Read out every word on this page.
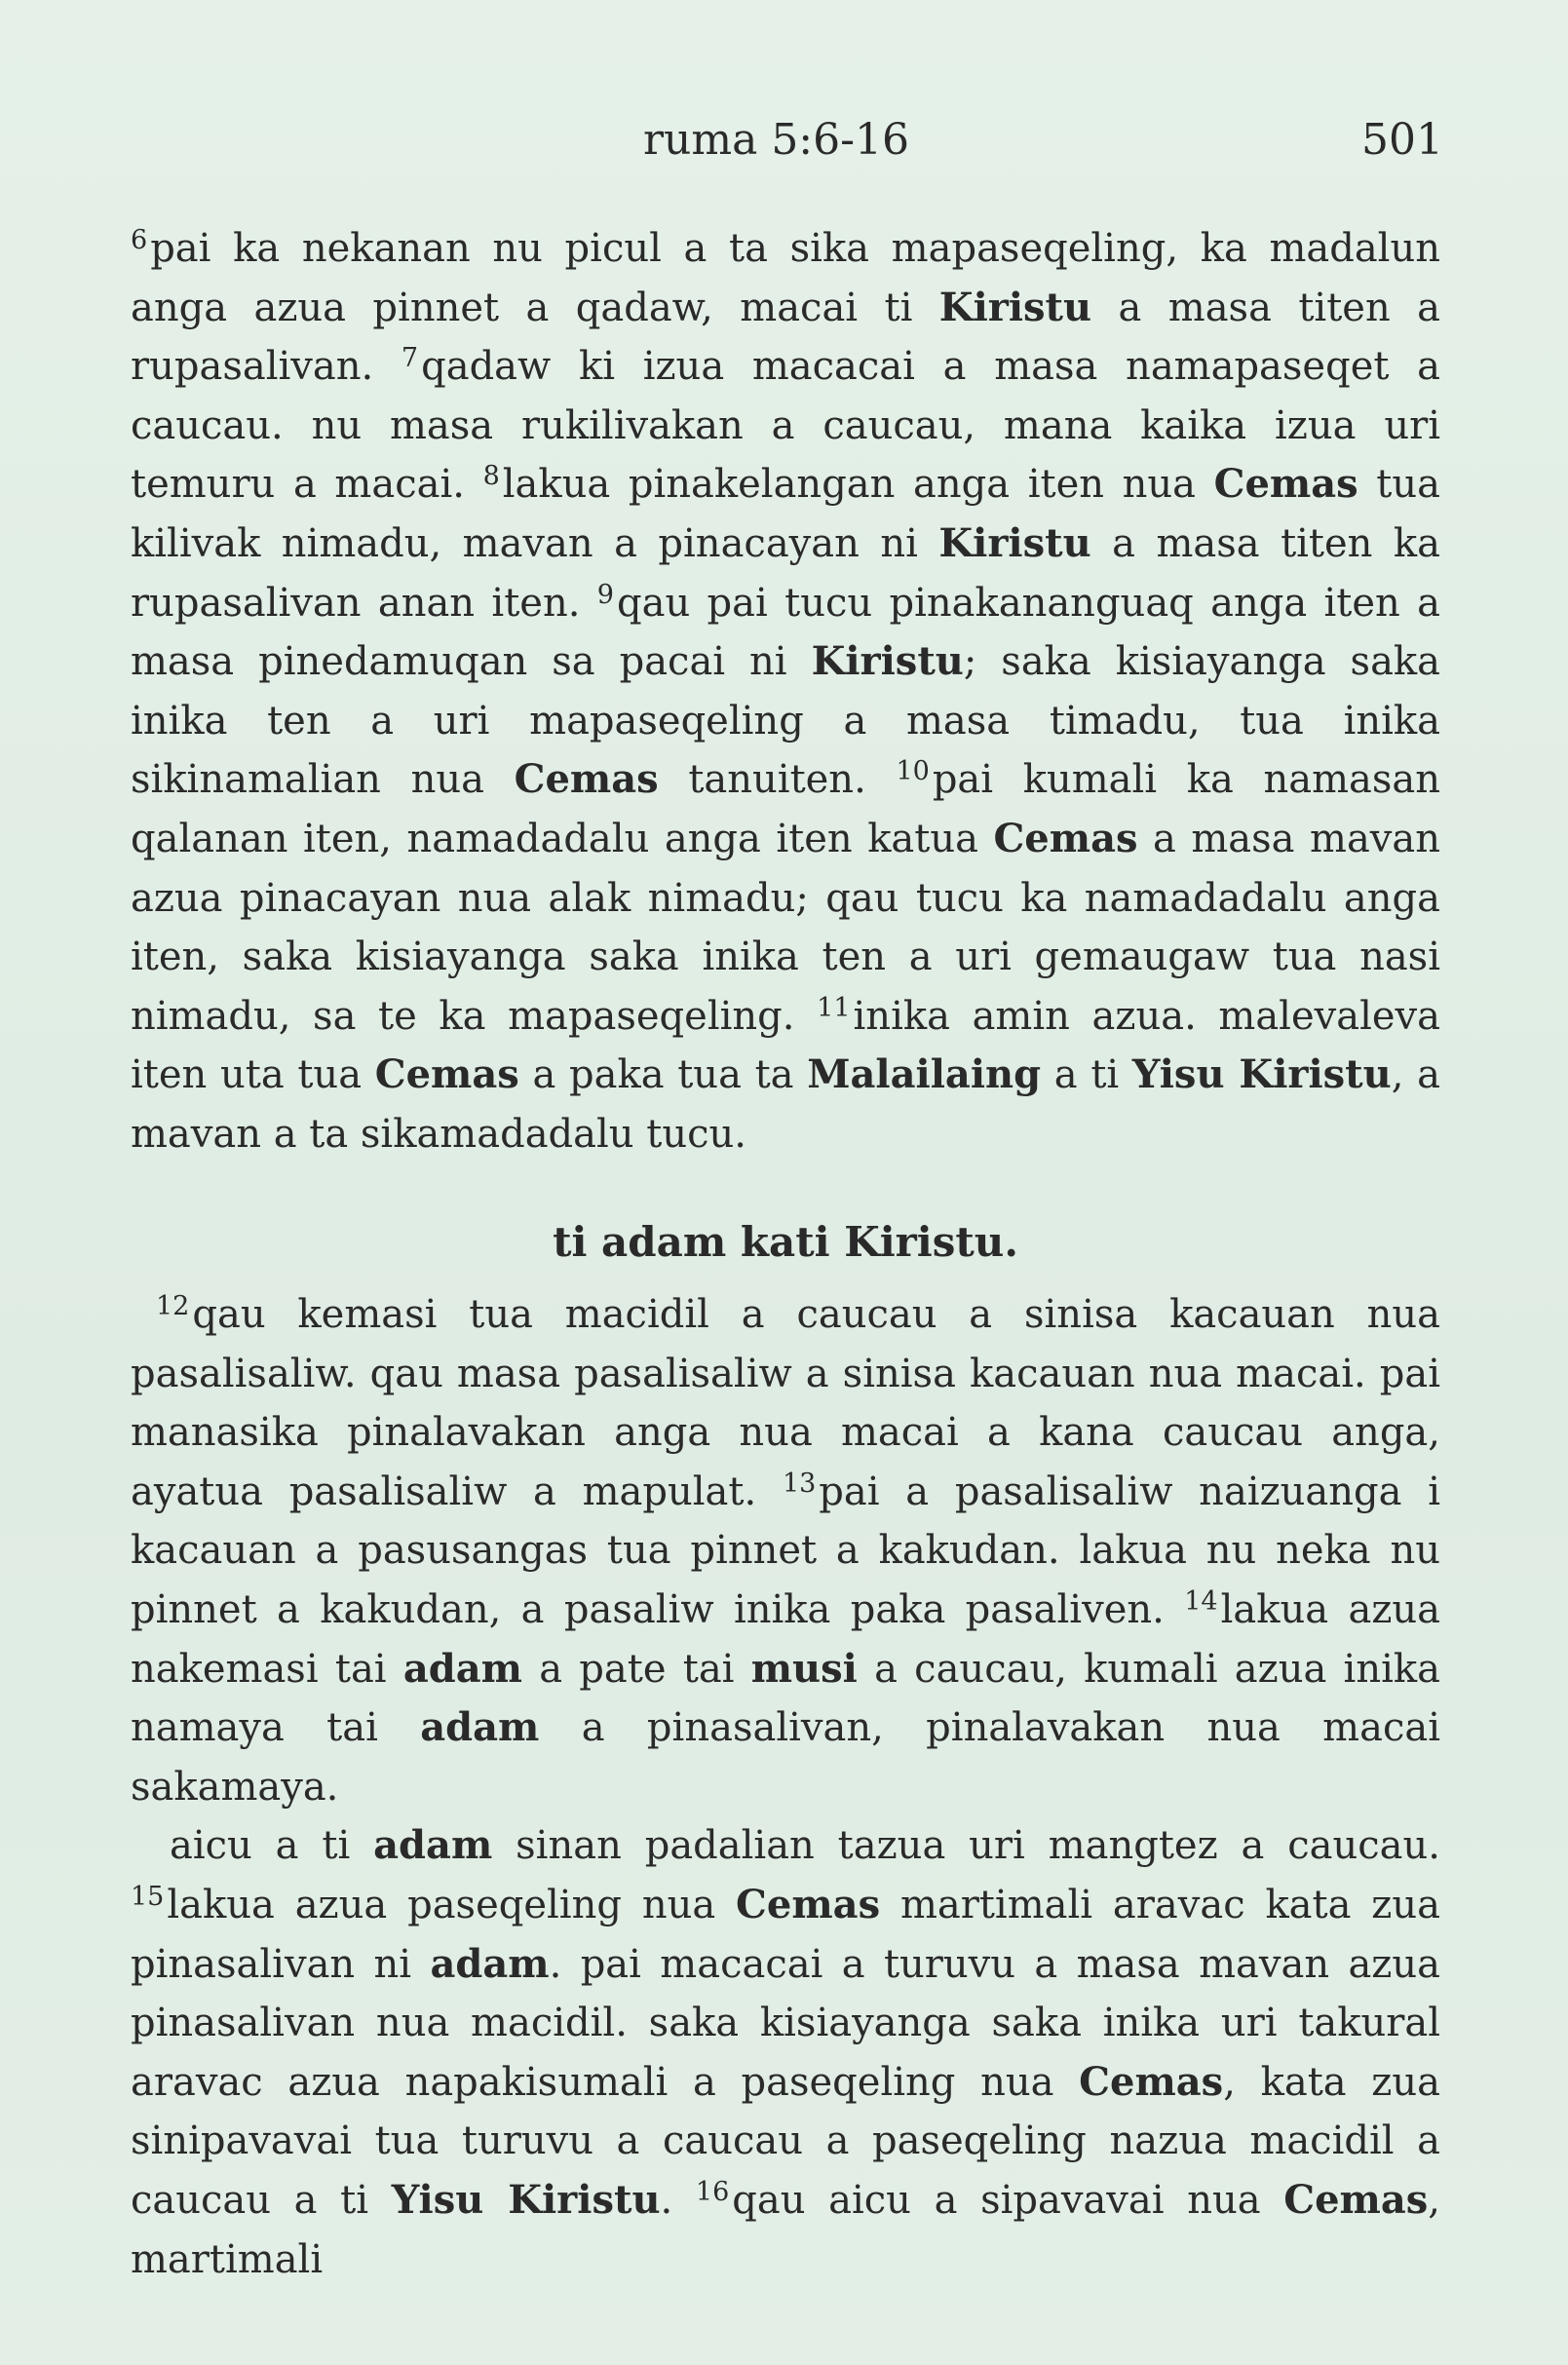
ruma 5:6-16	501

$^6$pai ka nekanan nu picul a ta sika mapaseqeling, ka madalun anga azua pinnet a qadaw, macai ti Kiristu a masa titen a rupasalivan. $^7$qadaw ki izua macacai a masa namapaseqet a caucau. nu masa rukilivakan a caucau, mana kaika izua uri temuru a macai. $^8$lakua pinakelangan anga iten nua Cemas tua kilivak nimadu, mavan a pinacayan ni Kiristu a masa titen ka rupasalivan anan iten. $^9$qau pai tucu pinakananguaq anga iten a masa pinedamuqan sa pacai ni Kiristu; saka kisiayanga saka inika ten a uri mapaseqeling a masa timadu, tua inika sikinamalian nua Cemas tanuiten. $^{10}$pai kumali ka namasan qalanan iten, namadadalu anga iten katua Cemas a masa mavan azua pinacayan nua alak nimadu; qau tucu ka namadadalu anga iten, saka kisiayanga saka inika ten a uri gemaugaw tua nasi nimadu, sa te ka mapaseqeling. $^{11}$inika amin azua. malevaleva iten uta tua Cemas a paka tua ta Malailaing a ti Yisu Kiristu, a mavan a ta sikamadadalu tucu.

ti adam kati Kiristu.

$^{12}$qau kemasi tua macidil a caucau a sinisa kacauan nua pasalisaliw. qau masa pasalisaliw a sinisa kacauan nua macai. pai manasika pinalavakan anga nua macai a kana caucau anga, ayatua pasalisaliw a mapulat. $^{13}$pai a pasalisaliw naizuanga i kacauan a pasusangas tua pinnet a kakudan. lakua nu neka nu pinnet a kakudan, a pasaliw inika paka pasaliven. $^{14}$lakua azua nakemasi tai adam a pate tai musi a caucau, kumali azua inika namaya tai adam a pinasalivan, pinalavakan nua macai sakamaya.

aicu a ti adam sinan padalian tazua uri mangtez a caucau. $^{15}$lakua azua paseqeling nua Cemas martimali aravac kata zua pinasalivan ni adam. pai macacai a turuvu a masa mavan azua pinasalivan nua macidil. saka kisiayanga saka inika uri takural aravac azua napakisumali a paseqeling nua Cemas, kata zua sinipavavai tua turuvu a caucau a paseqeling nazua macidil a caucau a ti Yisu Kiristu. $^{16}$qau aicu a sipavavai nua Cemas, martimali
